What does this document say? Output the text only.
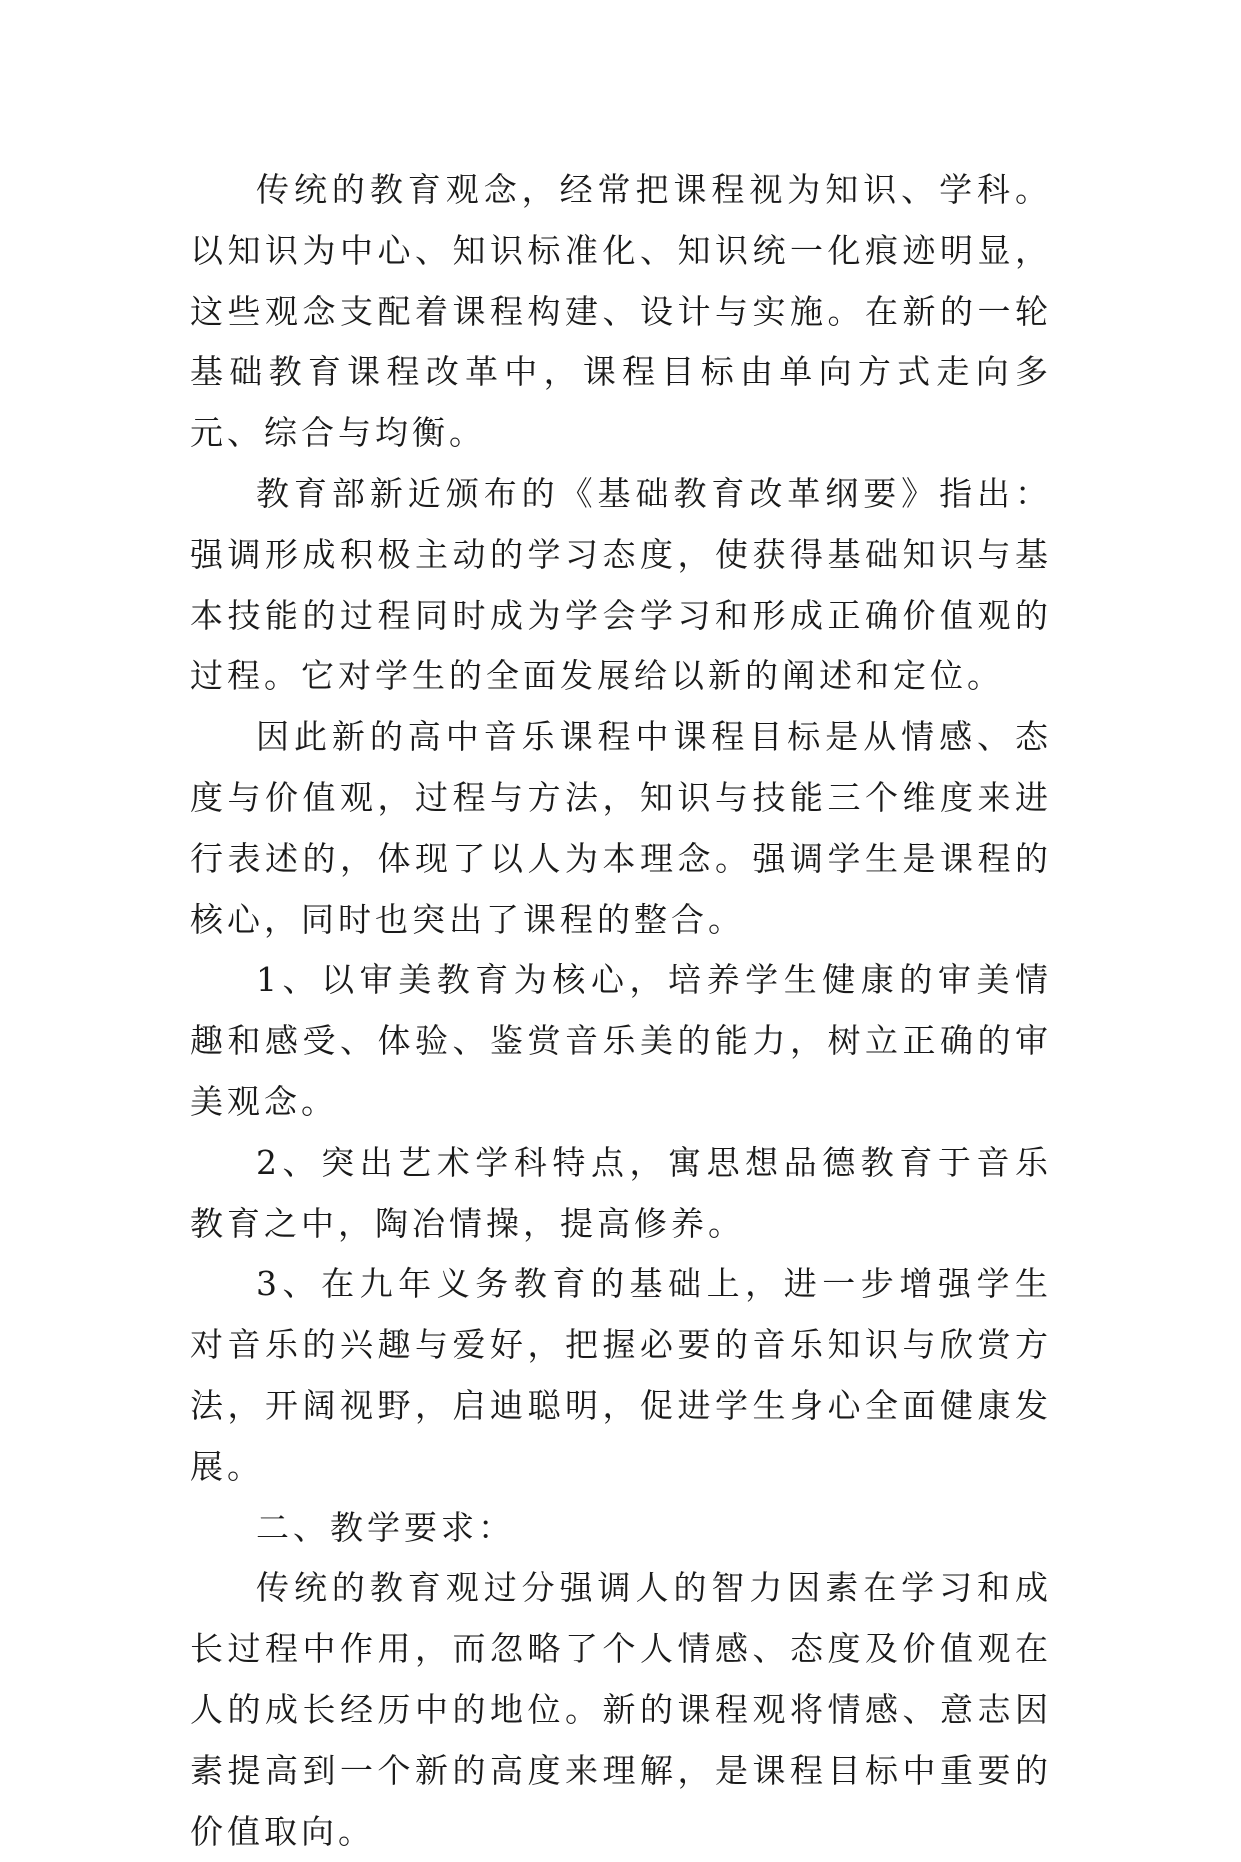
传统的教育观念，经常把课程视为知识、学科。以知识为中心、知识标准化、知识统一化痕迹明显，这些观念支配着课程构建、设计与实施。在新的一轮基础教育课程改革中，课程目标由单向方式走向多元、综合与均衡。

教育部新近颁布的《基础教育改革纲要》指出：强调形成积极主动的学习态度，使获得基础知识与基本技能的过程同时成为学会学习和形成正确价值观的过程。它对学生的全面发展给以新的阐述和定位。

因此新的高中音乐课程中课程目标是从情感、态度与价值观，过程与方法，知识与技能三个维度来进行表述的，体现了以人为本理念。强调学生是课程的核心，同时也突出了课程的整合。

1、以审美教育为核心，培养学生健康的审美情趣和感受、体验、鉴赏音乐美的能力，树立正确的审美观念。

2、突出艺术学科特点，寓思想品德教育于音乐教育之中，陶冶情操，提高修养。

3、在九年义务教育的基础上，进一步增强学生对音乐的兴趣与爱好，把握必要的音乐知识与欣赏方法，开阔视野，启迪聪明，促进学生身心全面健康发展。

二、教学要求：

传统的教育观过分强调人的智力因素在学习和成长过程中作用，而忽略了个人情感、态度及价值观在人的成长经历中的地位。新的课程观将情感、意志因素提高到一个新的高度来理解，是课程目标中重要的价值取向。
